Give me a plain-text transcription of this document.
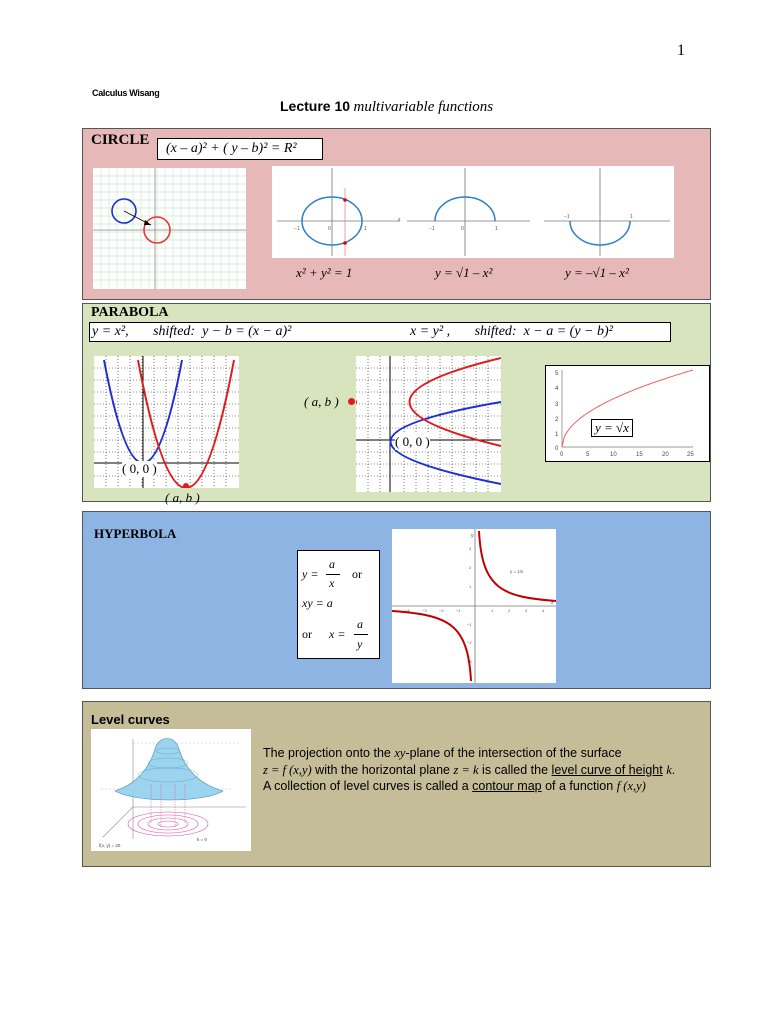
1
Calculus Wisang
Lecture 10 multivariable functions
CIRCLE
(x – a)² + ( y – b)² = R²
−1	0	1
x
−1	0	1
−1	1
x² + y² = 1	y = √1 – x²	y = –√1 – x²
PARABOLA
y = x²,       shifted:  y − b = (x − a)²	x = y² ,       shifted:  x − a = (y − b)²
( 0, 0 )
( a, b )
( a, b )
( 0, 0 )
5
4
3
2
1
0
0	5	10	15	20	25
y = √x
HYPERBOLA
y =
a
x
or
xy = a
or x =
a
y
−4	−3	−2	−1	1	2	3	4
3
2
1
−1
−2
−3
y
x
y = 1/x
Level curves
f(x, y) = 20
k = 0
The projection onto the xy-plane of the intersection of the surface
z = f (x,y) with the horizontal plane z = k is called the level curve of height k.
A collection of level curves is called a contour map of a function f (x,y)
